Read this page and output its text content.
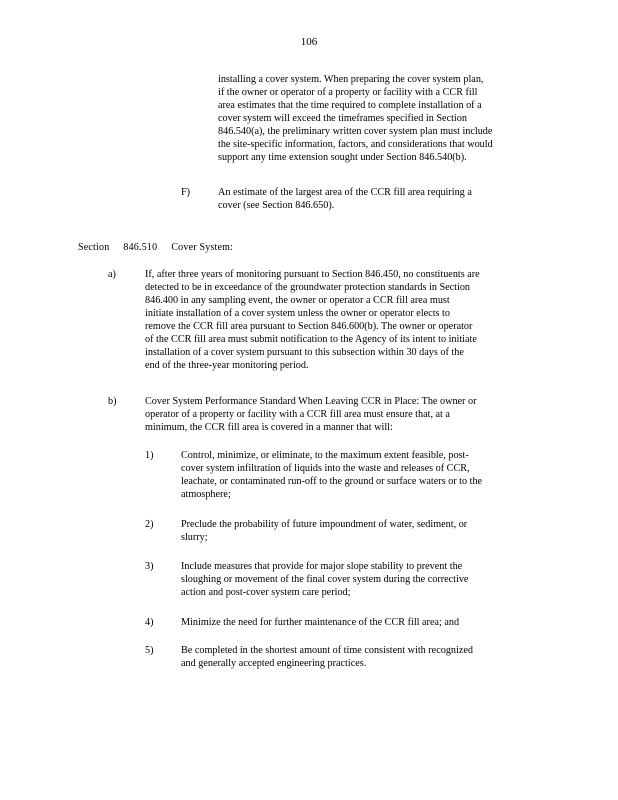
106
installing a cover system. When preparing the cover system plan,
if the owner or operator of a property or facility with a CCR fill
area estimates that the time required to complete installation of a
cover system will exceed the timeframes specified in Section
846.540(a), the preliminary written cover system plan must include
the site-specific information, factors, and considerations that would
support any time extension sought under Section 846.540(b).
F)	An estimate of the largest area of the CCR fill area requiring a
cover (see Section 846.650).
Section 846.510 Cover System:
a)	If, after three years of monitoring pursuant to Section 846.450, no constituents are
detected to be in exceedance of the groundwater protection standards in Section
846.400 in any sampling event, the owner or operator a CCR fill area must
initiate installation of a cover system unless the owner or operator elects to
remove the CCR fill area pursuant to Section 846.600(b). The owner or operator
of the CCR fill area must submit notification to the Agency of its intent to initiate
installation of a cover system pursuant to this subsection within 30 days of the
end of the three-year monitoring period.
b)	Cover System Performance Standard When Leaving CCR in Place: The owner or
operator of a property or facility with a CCR fill area must ensure that, at a
minimum, the CCR fill area is covered in a manner that will:
1)	Control, minimize, or eliminate, to the maximum extent feasible, post-
cover system infiltration of liquids into the waste and releases of CCR,
leachate, or contaminated run-off to the ground or surface waters or to the
atmosphere;
2)	Preclude the probability of future impoundment of water, sediment, or
slurry;
3)	Include measures that provide for major slope stability to prevent the
sloughing or movement of the final cover system during the corrective
action and post-cover system care period;
4)	Minimize the need for further maintenance of the CCR fill area; and
5)	Be completed in the shortest amount of time consistent with recognized
and generally accepted engineering practices.
